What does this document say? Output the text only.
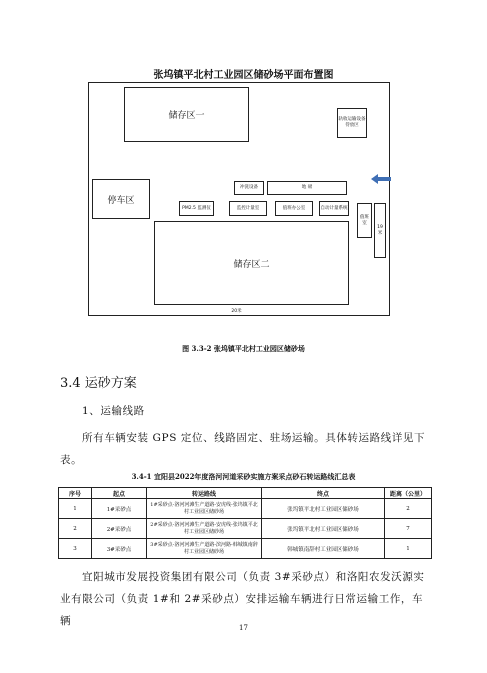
张坞镇平北村工业园区储砂场平面布置图
储存区一	轨收运输设备待放区
停车区
冲洗设备	地 磅
PM2.5 监测仪	监控计量室	值班办公室	自动计量系统
值班室
储存区二
19米
20米
图 3.3-2 张坞镇平北村工业园区储砂场
3.4 运砂方案
1、运输线路
所有车辆安装 GPS 定位、线路固定、驻场运输。具体转运路线详见下表。
3.4-1 宜阳县2022年度洛河河道采砂实施方案采点砂石转运路线汇总表
序号	起点	转运路线	终点	距离（公里）
1	1#采砂点	1#采砂点-洛河河滩生产道路-安虎线-张坞镇平北村工业园区储砂场	张坞镇平北村工业园区储砂场	2
2	2#采砂点	2#采砂点-洛河河滩生产道路-安虎线-张坞镇平北村工业园区储砂场	张坞镇平北村工业园区储砂场	7
3	3#采砂点	3#采砂点-洛河河滩生产道路-滨河路-韩城镇南辞村工业园区储砂场	韩城镇南辞村工业园区储砂场	1
宜阳城市发展投资集团有限公司（负责 3#采砂点）和洛阳农发沃源实业有限公司（负责 1#和 2#采砂点）安排运输车辆进行日常运输工作，车辆
17
